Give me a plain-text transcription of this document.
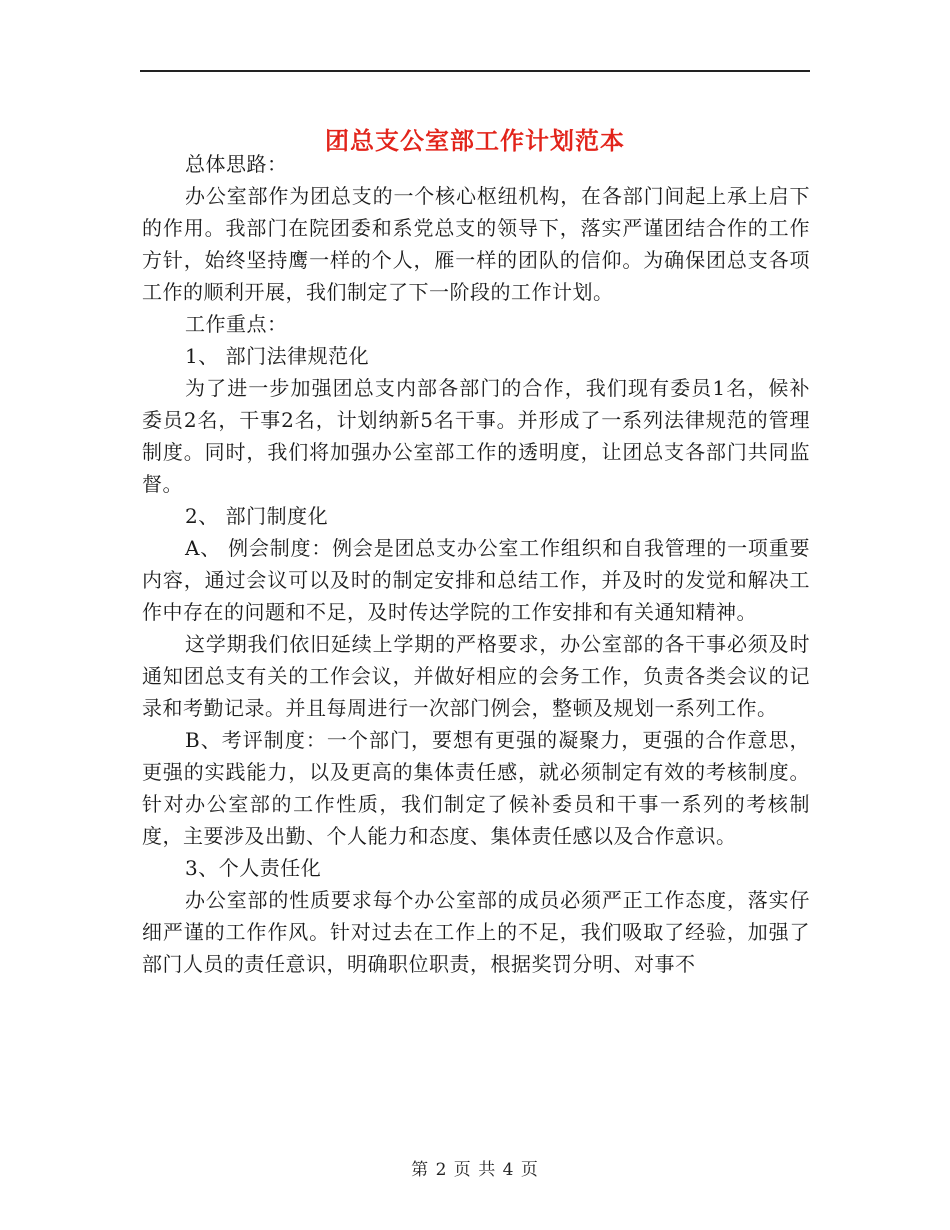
团总支公室部工作计划范本

总体思路：

办公室部作为团总支的一个核心枢纽机构，在各部门间起上承上启下的作用。我部门在院团委和系党总支的领导下，落实严谨团结合作的工作方针，始终坚持鹰一样的个人，雁一样的团队的信仰。为确保团总支各项工作的顺利开展，我们制定了下一阶段的工作计划。

工作重点：

1、 部门法律规范化

为了进一步加强团总支内部各部门的合作，我们现有委员1名，候补委员2名，干事2名，计划纳新5名干事。并形成了一系列法律规范的管理制度。同时，我们将加强办公室部工作的透明度，让团总支各部门共同监督。

2、 部门制度化

A、 例会制度：例会是团总支办公室工作组织和自我管理的一项重要内容，通过会议可以及时的制定安排和总结工作，并及时的发觉和解决工作中存在的问题和不足，及时传达学院的工作安排和有关通知精神。

这学期我们依旧延续上学期的严格要求，办公室部的各干事必须及时通知团总支有关的工作会议，并做好相应的会务工作，负责各类会议的记录和考勤记录。并且每周进行一次部门例会，整顿及规划一系列工作。

B、考评制度：一个部门，要想有更强的凝聚力，更强的合作意思，更强的实践能力，以及更高的集体责任感，就必须制定有效的考核制度。针对办公室部的工作性质，我们制定了候补委员和干事一系列的考核制度，主要涉及出勤、个人能力和态度、集体责任感以及合作意识。

3、个人责任化

办公室部的性质要求每个办公室部的成员必须严正工作态度，落实仔细严谨的工作作风。针对过去在工作上的不足，我们吸取了经验，加强了部门人员的责任意识，明确职位职责，根据奖罚分明、对事不

第 2 页 共 4 页
